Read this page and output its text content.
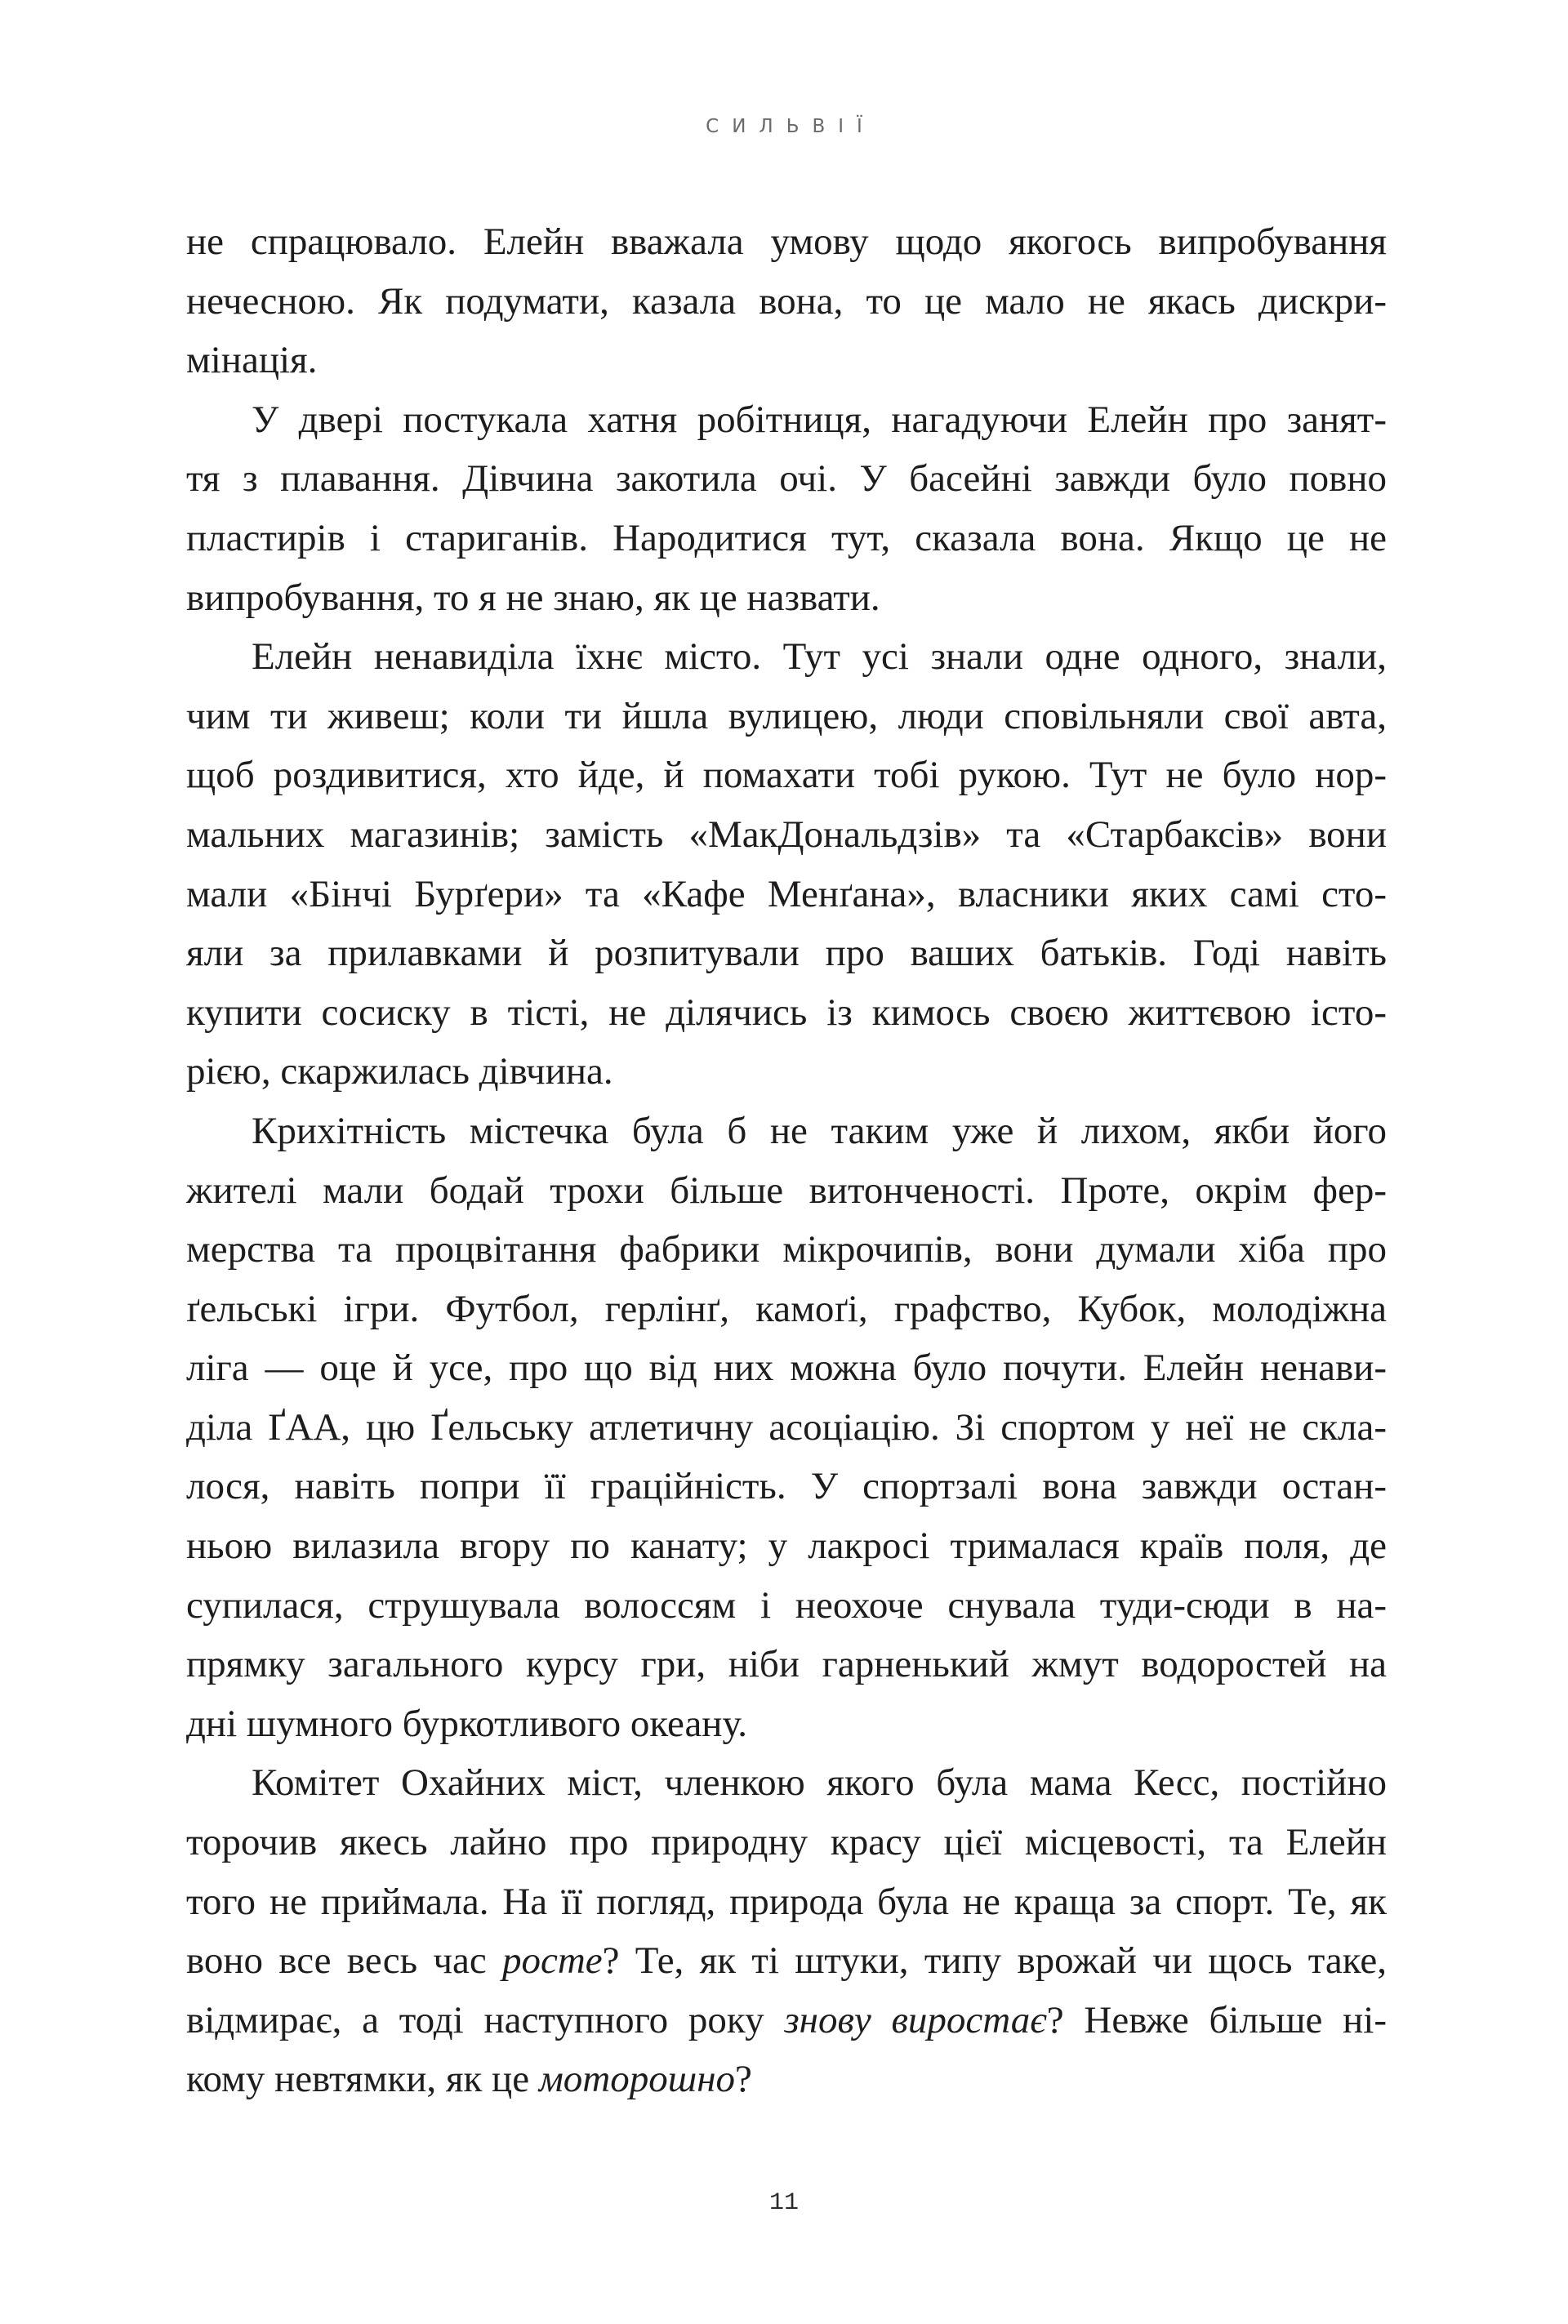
СИЛЬВІЇ
не спрацювало. Елейн вважала умову щодо якогось випробування
нечесною. Як подумати, казала вона, то це мало не якась дискри-
мінація.
У двері постукала хатня робітниця, нагадуючи Елейн про занят-
тя з плавання. Дівчина закотила очі. У басейні завжди було повно
пластирів і стариганів. Народитися тут, сказала вона. Якщо це не
випробування, то я не знаю, як це назвати.
Елейн ненавиділа їхнє місто. Тут усі знали одне одного, знали,
чим ти живеш; коли ти йшла вулицею, люди сповільняли свої авта,
щоб роздивитися, хто йде, й помахати тобі рукою. Тут не було нор-
мальних магазинів; замість «МакДональдзів» та «Старбаксів» вони
мали «Бінчі Бурґери» та «Кафе Менґана», власники яких самі сто-
яли за прилавками й розпитували про ваших батьків. Годі навіть
купити сосиску в тісті, не ділячись із кимось своєю життєвою істо-
рією, скаржилась дівчина.
Крихітність містечка була б не таким уже й лихом, якби його
жителі мали бодай трохи більше витонченості. Проте, окрім фер-
мерства та процвітання фабрики мікрочипів, вони думали хіба про
ґельські ігри. Футбол, герлінґ, камоґі, графство, Кубок, молодіжна
ліга — оце й усе, про що від них можна було почути. Елейн ненави-
діла ҐАА, цю Ґельську атлетичну асоціацію. Зі спортом у неї не скла-
лося, навіть попри її граційність. У спортзалі вона завжди остан-
ньою вилазила вгору по канату; у лакросі трималася країв поля, де
супилася, струшувала волоссям і неохоче снувала туди-сюди в на-
прямку загального курсу гри, ніби гарненький жмут водоростей на
дні шумного буркотливого океану.
Комітет Охайних міст, членкою якого була мама Кесс, постійно
торочив якесь лайно про природну красу цієї місцевості, та Елейн
того не приймала. На її погляд, природа була не краща за спорт. Те, як
воно все весь час росте? Те, як ті штуки, типу врожай чи щось таке,
відмирає, а тоді наступного року знову виростає? Невже більше ні-
кому невтямки, як це моторошно?
11
